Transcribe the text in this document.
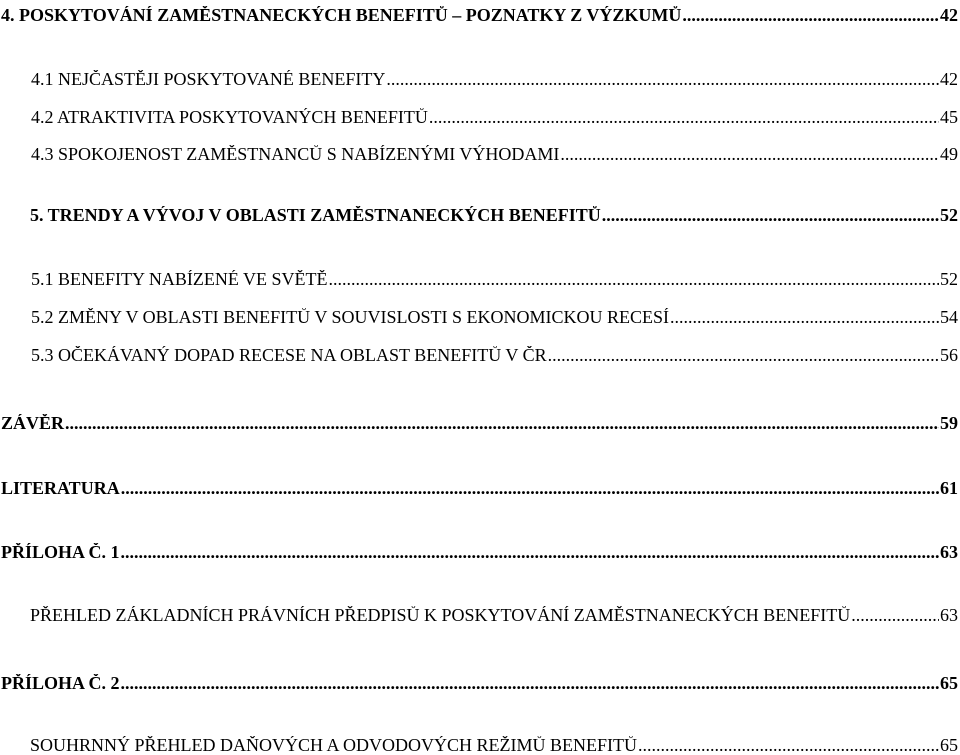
4. POSKYTOVÁNÍ ZAMĚSTNANECKÝCH BENEFITŮ – POZNATKY Z VÝZKUMŮ .....	42
4.1 NEJČASTĚJI POSKYTOVANÉ BENEFITY .....	42
4.2 ATRAKTIVITA POSKYTOVANÝCH BENEFITŮ .....	45
4.3 SPOKOJENOST ZAMĚSTNANCŮ S NABÍZENÝMI VÝHODAMI .....	49
5. TRENDY A VÝVOJ V OBLASTI ZAMĚSTNANECKÝCH BENEFITŮ .....	52
5.1 BENEFITY NABÍZENÉ VE SVĚTĚ .....	52
5.2 ZMĚNY V OBLASTI BENEFITŮ V SOUVISLOSTI S EKONOMICKOU RECESÍ .....	54
5.3 OČEKÁVANÝ DOPAD RECESE NA OBLAST BENEFITŮ V ČR .....	56
ZÁVĚR .....	59
LITERATURA .....	61
PŘÍLOHA Č. 1 .....	63
PŘEHLED ZÁKLADNÍCH PRÁVNÍCH PŘEDPISŮ K POSKYTOVÁNÍ ZAMĚSTNANECKÝCH BENEFITŮ .....	63
PŘÍLOHA Č. 2 .....	65
SOUHRNNÝ PŘEHLED DAŇOVÝCH A ODVODOVÝCH REŽIMŮ BENEFITŮ .....	65
